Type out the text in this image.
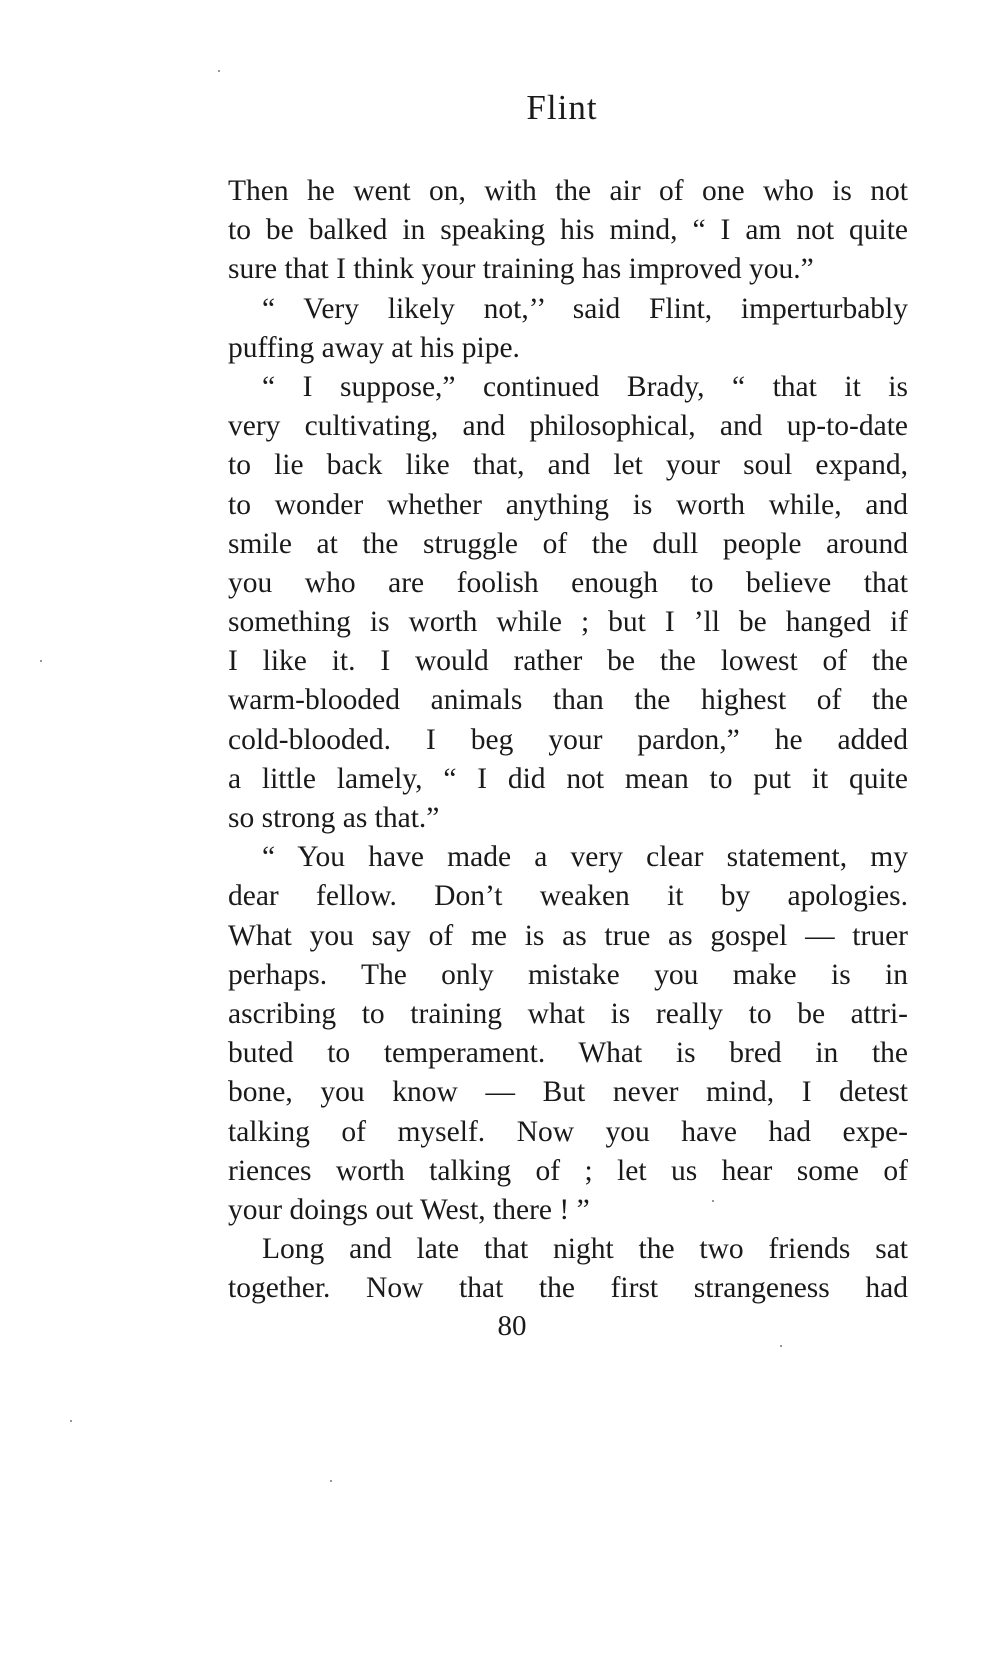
Flint
Then he went on, with the air of one who is not
to be balked in speaking his mind, “ I am not quite
sure that I think your training has improved you.”
“ Very likely not,’’ said Flint, imperturbably
puffing away at his pipe.
“ I suppose,” continued Brady, “ that it is
very cultivating, and philosophical, and up-to-date
to lie back like that, and let your soul expand,
to wonder whether anything is worth while, and
smile at the struggle of the dull people around
you who are foolish enough to believe that
something is worth while ; but I ’ll be hanged if
I like it. I would rather be the lowest of the
warm-blooded animals than the highest of the
cold-blooded. I beg your pardon,” he added
a little lamely, “ I did not mean to put it quite
so strong as that.”
“ You have made a very clear statement, my
dear fellow. Don’t weaken it by apologies.
What you say of me is as true as gospel — truer
perhaps. The only mistake you make is in
ascribing to training what is really to be attri-
buted to temperament. What is bred in the
bone, you know — But never mind, I detest
talking of myself. Now you have had expe-
riences worth talking of ; let us hear some of
your doings out West, there ! ”
Long and late that night the two friends sat
together. Now that the first strangeness had
80
